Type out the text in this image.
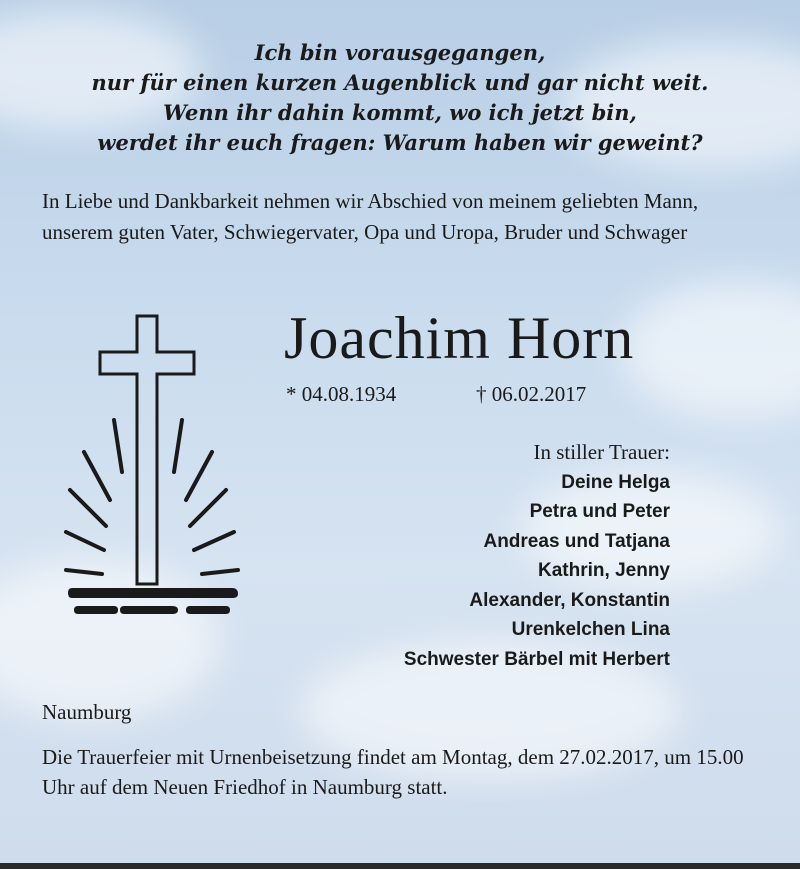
Ich bin vorausgegangen,
nur für einen kurzen Augenblick und gar nicht weit.
Wenn ihr dahin kommt, wo ich jetzt bin,
werdet ihr euch fragen: Warum haben wir geweint?
In Liebe und Dankbarkeit nehmen wir Abschied von meinem geliebten Mann, unserem guten Vater, Schwiegervater, Opa und Uropa, Bruder und Schwager
Joachim Horn
* 04.08.1934	† 06.02.2017
In stiller Trauer:
Deine Helga
Petra und Peter
Andreas und Tatjana
Kathrin, Jenny
Alexander, Konstantin
Urenkelchen Lina
Schwester Bärbel mit Herbert
Naumburg
Die Trauerfeier mit Urnenbeisetzung findet am Montag, dem 27.02.2017, um 15.00 Uhr auf dem Neuen Friedhof in Naumburg statt.
